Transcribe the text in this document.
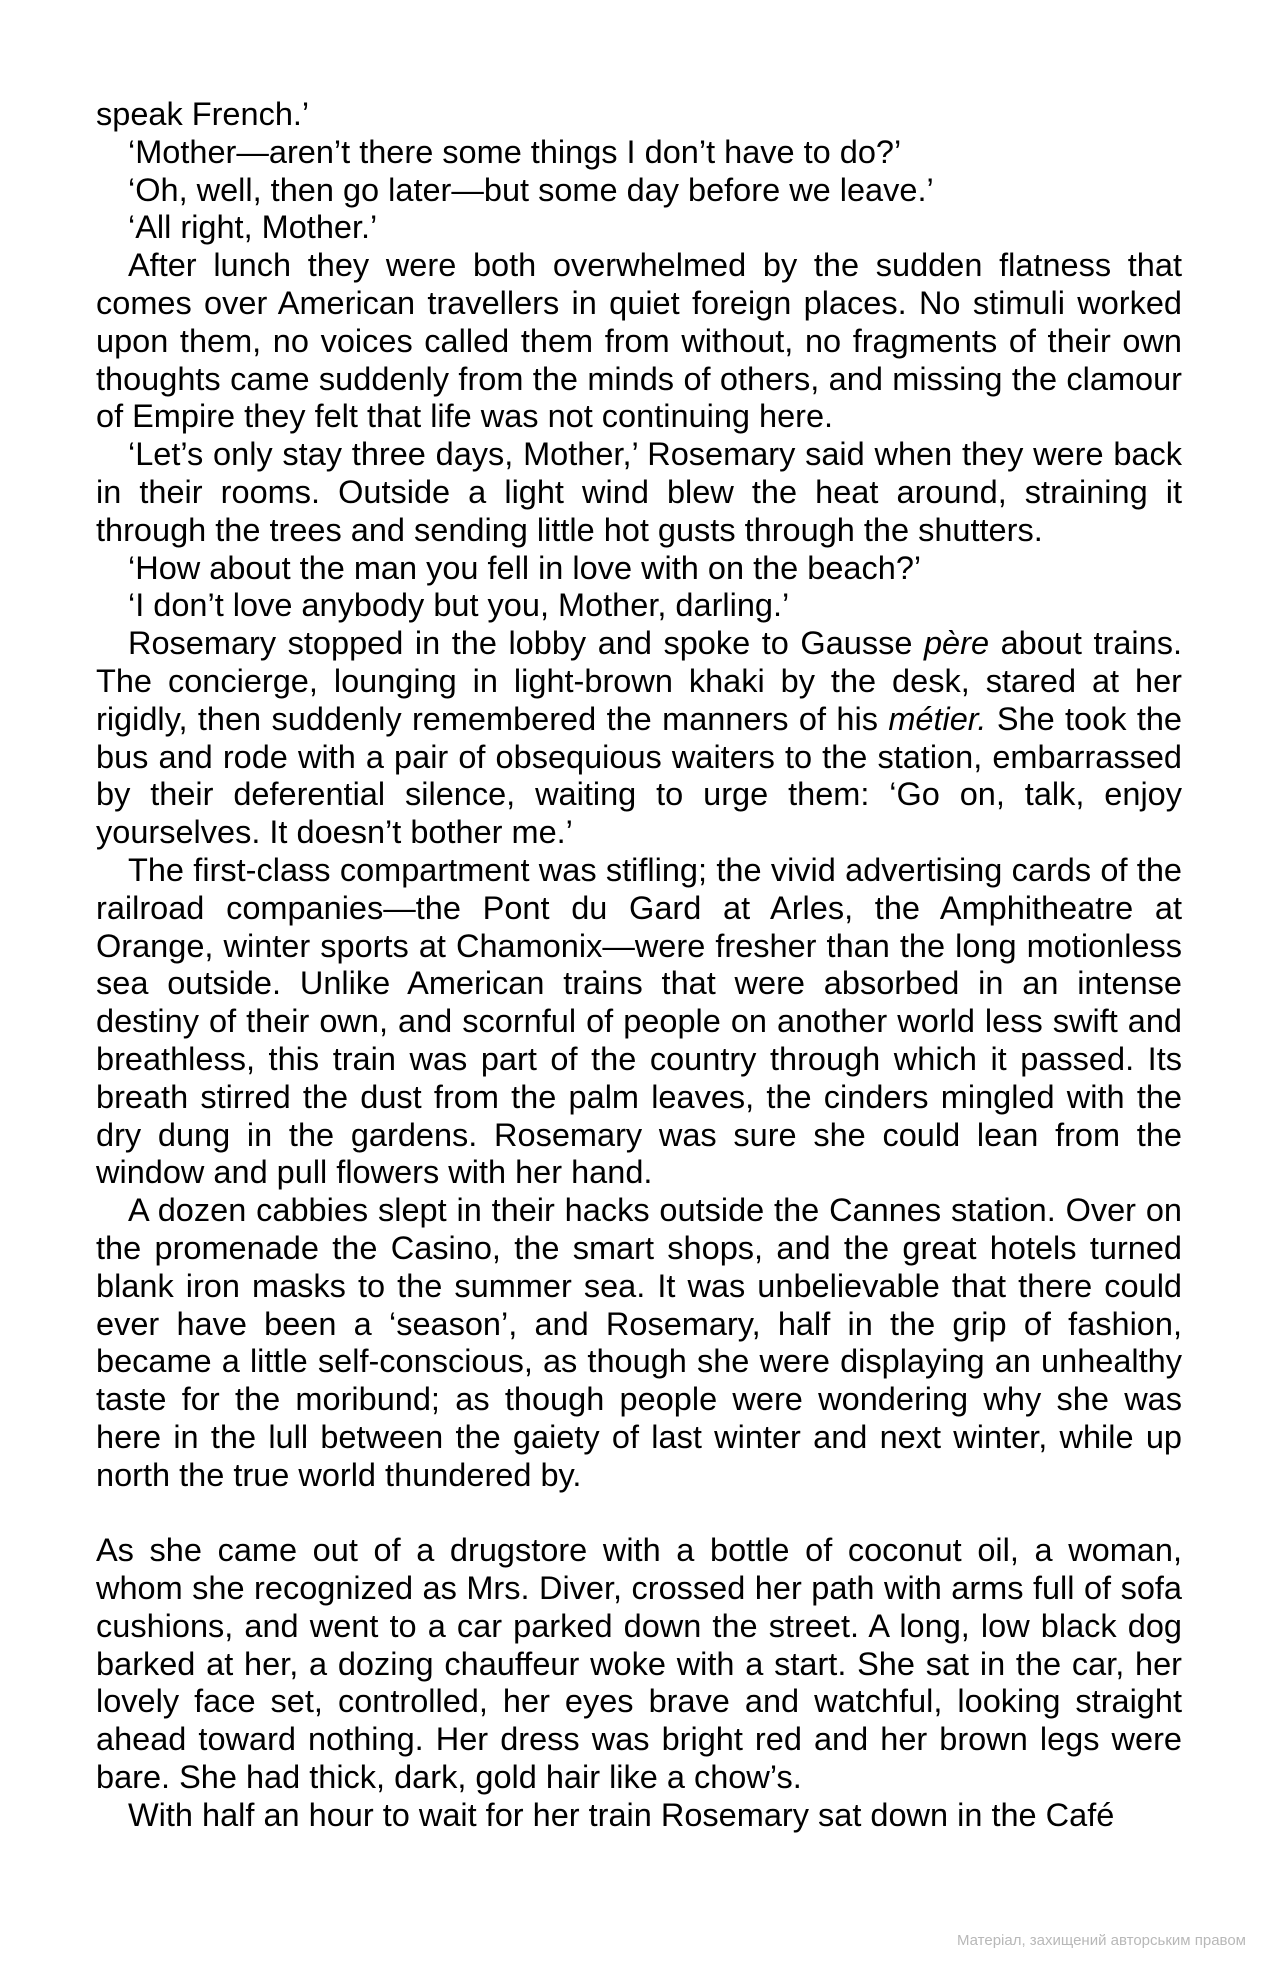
speak French.’

‘Mother—aren’t there some things I don’t have to do?’

‘Oh, well, then go later—but some day before we leave.’

‘All right, Mother.’

After lunch they were both overwhelmed by the sudden flatness that comes over American travellers in quiet foreign places. No stimuli worked upon them, no voices called them from without, no fragments of their own thoughts came suddenly from the minds of others, and missing the clamour of Empire they felt that life was not continuing here.

‘Let’s only stay three days, Mother,’ Rosemary said when they were back in their rooms. Outside a light wind blew the heat around, straining it through the trees and sending little hot gusts through the shutters.

‘How about the man you fell in love with on the beach?’

‘I don’t love anybody but you, Mother, darling.’

Rosemary stopped in the lobby and spoke to Gausse père about trains. The concierge, lounging in light-brown khaki by the desk, stared at her rigidly, then suddenly remembered the manners of his métier. She took the bus and rode with a pair of obsequious waiters to the station, embarrassed by their deferential silence, waiting to urge them: ‘Go on, talk, enjoy yourselves. It doesn’t bother me.’

The first-class compartment was stifling; the vivid advertising cards of the railroad companies—the Pont du Gard at Arles, the Amphitheatre at Orange, winter sports at Chamonix—were fresher than the long motionless sea outside. Unlike American trains that were absorbed in an intense destiny of their own, and scornful of people on another world less swift and breathless, this train was part of the country through which it passed. Its breath stirred the dust from the palm leaves, the cinders mingled with the dry dung in the gardens. Rosemary was sure she could lean from the window and pull flowers with her hand.

A dozen cabbies slept in their hacks outside the Cannes station. Over on the promenade the Casino, the smart shops, and the great hotels turned blank iron masks to the summer sea. It was unbelievable that there could ever have been a ‘season’, and Rosemary, half in the grip of fashion, became a little self-conscious, as though she were displaying an unhealthy taste for the moribund; as though people were wondering why she was here in the lull between the gaiety of last winter and next winter, while up north the true world thundered by.

As she came out of a drugstore with a bottle of coconut oil, a woman, whom she recognized as Mrs. Diver, crossed her path with arms full of sofa cushions, and went to a car parked down the street. A long, low black dog barked at her, a dozing chauffeur woke with a start. She sat in the car, her lovely face set, controlled, her eyes brave and watchful, looking straight ahead toward nothing. Her dress was bright red and her brown legs were bare. She had thick, dark, gold hair like a chow’s.

With half an hour to wait for her train Rosemary sat down in the Café

Матеріал, захищений авторським правом
